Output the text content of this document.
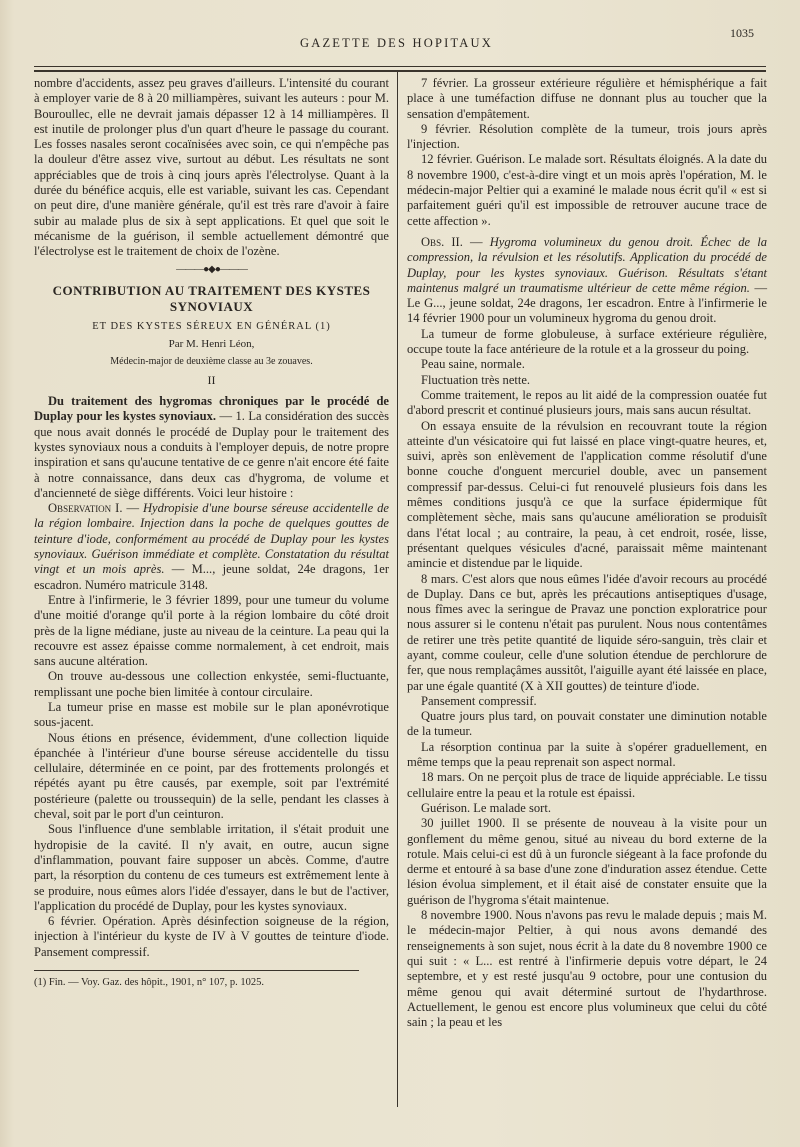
GAZETTE DES HOPITAUX
1035

nombre d'accidents, assez peu graves d'ailleurs. L'intensité du courant à employer varie de 8 à 20 milliampères, suivant les auteurs : pour M. Bouroullec, elle ne devrait jamais dépasser 12 à 14 milliampères. Il est inutile de prolonger plus d'un quart d'heure le passage du courant. Les fosses nasales seront cocaïnisées avec soin, ce qui n'empêche pas la douleur d'être assez vive, surtout au début. Les résultats ne sont appréciables que de trois à cinq jours après l'électrolyse. Quant à la durée du bénéfice acquis, elle est variable, suivant les cas. Cependant on peut dire, d'une manière générale, qu'il est très rare d'avoir à faire subir au malade plus de six à sept applications. Et quel que soit le mécanisme de la guérison, il semble actuellement démontré que l'électrolyse est le traitement de choix de l'ozène.

———●◆●———
CONTRIBUTION AU TRAITEMENT DES KYSTES SYNOVIAUX
ET DES KYSTES SÉREUX EN GÉNÉRAL (1)
Par M. Henri Léon,
Médecin-major de deuxième classe au 3e zouaves.
II

Du traitement des hygromas chroniques par le procédé de Duplay pour les kystes synoviaux. — 1. La considération des succès que nous avait donnés le procédé de Duplay pour le traitement des kystes synoviaux nous a conduits à l'employer depuis, de notre propre inspiration et sans qu'aucune tentative de ce genre n'ait encore été faite à notre connaissance, dans deux cas d'hygroma, de volume et d'ancienneté de siège différents. Voici leur histoire :

Observation I. — Hydropisie d'une bourse séreuse accidentelle de la région lombaire. Injection dans la poche de quelques gouttes de teinture d'iode, conformément au procédé de Duplay pour les kystes synoviaux. Guérison immédiate et complète. Constatation du résultat vingt et un mois après. — M..., jeune soldat, 24e dragons, 1er escadron. Numéro matricule 3148.

Entre à l'infirmerie, le 3 février 1899, pour une tumeur du volume d'une moitié d'orange qu'il porte à la région lombaire du côté droit près de la ligne médiane, juste au niveau de la ceinture. La peau qui la recouvre est assez épaisse comme normalement, à cet endroit, mais sans aucune altération.

On trouve au-dessous une collection enkystée, semi-fluctuante, remplissant une poche bien limitée à contour circulaire.

La tumeur prise en masse est mobile sur le plan aponévrotique sous-jacent.

Nous étions en présence, évidemment, d'une collection liquide épanchée à l'intérieur d'une bourse séreuse accidentelle du tissu cellulaire, déterminée en ce point, par des frottements prolongés et répétés ayant pu être causés, par exemple, soit par l'extrémité postérieure (palette ou troussequin) de la selle, pendant les classes à cheval, soit par le port d'un ceinturon.

Sous l'influence d'une semblable irritation, il s'était produit une hydropisie de la cavité. Il n'y avait, en outre, aucun signe d'inflammation, pouvant faire supposer un abcès. Comme, d'autre part, la résorption du contenu de ces tumeurs est extrêmement lente à se produire, nous eûmes alors l'idée d'essayer, dans le but de l'activer, l'application du procédé de Duplay, pour les kystes synoviaux.

6 février. Opération. Après désinfection soigneuse de la région, injection à l'intérieur du kyste de IV à V gouttes de teinture d'iode. Pansement compressif.

(1) Fin. — Voy. Gaz. des hôpit., 1901, n° 107, p. 1025.

7 février. La grosseur extérieure régulière et hémisphérique a fait place à une tuméfaction diffuse ne donnant plus au toucher que la sensation d'empâtement.

9 février. Résolution complète de la tumeur, trois jours après l'injection.

12 février. Guérison. Le malade sort. Résultats éloignés. A la date du 8 novembre 1900, c'est-à-dire vingt et un mois après l'opération, M. le médecin-major Peltier qui a examiné le malade nous écrit qu'il « est si parfaitement guéri qu'il est impossible de retrouver aucune trace de cette affection ».

Obs. II. — Hygroma volumineux du genou droit. Échec de la compression, la révulsion et les résolutifs. Application du procédé de Duplay, pour les kystes synoviaux. Guérison. Résultats s'étant maintenus malgré un traumatisme ultérieur de cette même région. — Le G..., jeune soldat, 24e dragons, 1er escadron. Entre à l'infirmerie le 14 février 1900 pour un volumineux hygroma du genou droit.

La tumeur de forme globuleuse, à surface extérieure régulière, occupe toute la face antérieure de la rotule et a la grosseur du poing.

Peau saine, normale.

Fluctuation très nette.

Comme traitement, le repos au lit aidé de la compression ouatée fut d'abord prescrit et continué plusieurs jours, mais sans aucun résultat.

On essaya ensuite de la révulsion en recouvrant toute la région atteinte d'un vésicatoire qui fut laissé en place vingt-quatre heures, et, suivi, après son enlèvement de l'application comme résolutif d'une bonne couche d'onguent mercuriel double, avec un pansement compressif par-dessus. Celui-ci fut renouvelé plusieurs fois dans les mêmes conditions jusqu'à ce que la surface épidermique fût complètement sèche, mais sans qu'aucune amélioration se produisît dans l'état local ; au contraire, la peau, à cet endroit, rosée, lisse, présentant quelques vésicules d'acné, paraissait même maintenant amincie et distendue par le liquide.

8 mars. C'est alors que nous eûmes l'idée d'avoir recours au procédé de Duplay. Dans ce but, après les précautions antiseptiques d'usage, nous fîmes avec la seringue de Pravaz une ponction exploratrice pour nous assurer si le contenu n'était pas purulent. Nous nous contentâmes de retirer une très petite quantité de liquide séro-sanguin, très clair et ayant, comme couleur, celle d'une solution étendue de perchlorure de fer, que nous remplaçâmes aussitôt, l'aiguille ayant été laissée en place, par une égale quantité (X à XII gouttes) de teinture d'iode.

Pansement compressif.

Quatre jours plus tard, on pouvait constater une diminution notable de la tumeur.

La résorption continua par la suite à s'opérer graduellement, en même temps que la peau reprenait son aspect normal.

18 mars. On ne perçoit plus de trace de liquide appréciable. Le tissu cellulaire entre la peau et la rotule est épaissi.

Guérison. Le malade sort.

30 juillet 1900. Il se présente de nouveau à la visite pour un gonflement du même genou, situé au niveau du bord externe de la rotule. Mais celui-ci est dû à un furoncle siégeant à la face profonde du derme et entouré à sa base d'une zone d'induration assez étendue. Cette lésion évolua simplement, et il était aisé de constater ensuite que la guérison de l'hygroma s'était maintenue.

8 novembre 1900. Nous n'avons pas revu le malade depuis ; mais M. le médecin-major Peltier, à qui nous avons demandé des renseignements à son sujet, nous écrit à la date du 8 novembre 1900 ce qui suit : « L... est rentré à l'infirmerie depuis votre départ, le 24 septembre, et y est resté jusqu'au 9 octobre, pour une contusion du même genou qui avait déterminé surtout de l'hydarthrose. Actuellement, le genou est encore plus volumineux que celui du côté sain ; la peau et les
